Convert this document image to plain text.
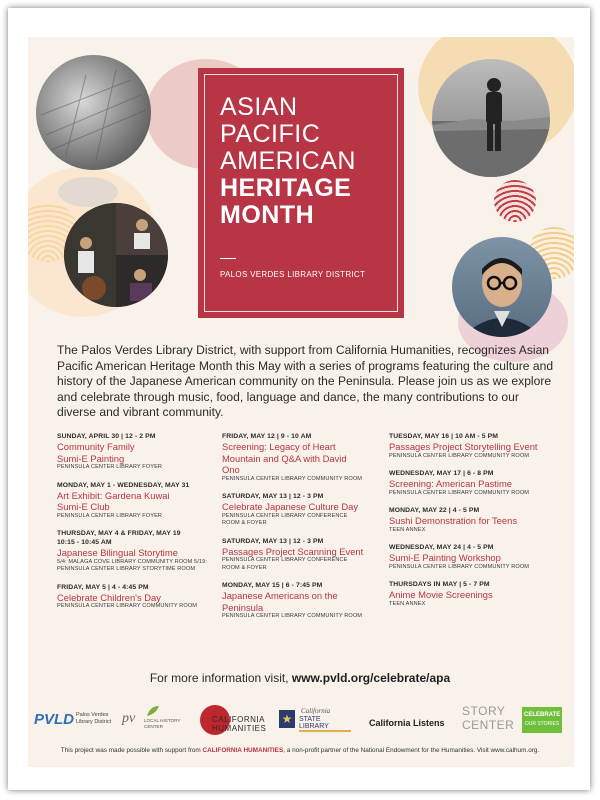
ASIAN
PACIFIC
AMERICAN
HERITAGE
MONTH
PALOS VERDES LIBRARY DISTRICT
The Palos Verdes Library District, with support from California Humanities, recognizes Asian Pacific American Heritage Month this May with a series of programs featuring the culture and history of the Japanese American community on the Peninsula. Please join us as we explore and celebrate through music, food, language and dance, the many contributions to our diverse and vibrant community.
SUNDAY, APRIL 30 | 12 - 2 PM
Community Family Sumi-E Painting
PENINSULA CENTER LIBRARY FOYER
MONDAY, MAY 1 - WEDNESDAY, MAY 31
Art Exhibit: Gardena Kuwai Sumi-E Club
PENINSULA CENTER LIBRARY FOYER
THURSDAY, MAY 4 & FRIDAY, MAY 19 10:15 - 10:45 AM
Japanese Bilingual Storytime
5/4: MALAGA COVE LIBRARY COMMUNITY ROOM 5/19: PENINSULA CENTER LIBRARY STORYTIME ROOM
FRIDAY, MAY 5 | 4 - 4:45 PM
Celebrate Children's Day
PENINSULA CENTER LIBRARY COMMUNITY ROOM
FRIDAY, MAY 12 | 9 - 10 AM
Screening: Legacy of Heart Mountain and Q&A with David Ono
PENINSULA CENTER LIBRARY COMMUNITY ROOM
SATURDAY, MAY 13 | 12 - 3 PM
Celebrate Japanese Culture Day
PENINSULA CENTER LIBRARY CONFERENCE ROOM & FOYER
SATURDAY, MAY 13 | 12 - 3 PM
Passages Project Scanning Event
PENINSULA CENTER LIBRARY CONFERENCE ROOM & FOYER
MONDAY, MAY 15 | 6 - 7:45 PM
Japanese Americans on the Peninsula
PENINSULA CENTER LIBRARY COMMUNITY ROOM
TUESDAY, MAY 16 | 10 AM - 5 PM
Passages Project Storytelling Event
PENINSULA CENTER LIBRARY COMMUNITY ROOM
WEDNESDAY, MAY 17 | 6 - 8 PM
Screening: American Pastime
PENINSULA CENTER LIBRARY COMMUNITY ROOM
MONDAY, MAY 22 | 4 - 5 PM
Sushi Demonstration for Teens
TEEN ANNEX
WEDNESDAY, MAY 24 | 4 - 5 PM
Sumi-E Painting Workshop
PENINSULA CENTER LIBRARY COMMUNITY ROOM
THURSDAYS IN MAY | 5 - 7 PM
Anime Movie Screenings
TEEN ANNEX
For more information visit, www.pvld.org/celebrate/apa
PVLD Palos Verdes Library District pv LOCAL HISTORY CENTER
CALIFORNIA
HUMANITIES
★
California
STATE LIBRARY	California Listens
STORY
CENTER
CELEBRATE
OUR STORIES
This project was made possible with support from CALIFORNIA HUMANITIES, a non-profit partner of the National Endowment for the Humanities. Visit www.calhum.org.
